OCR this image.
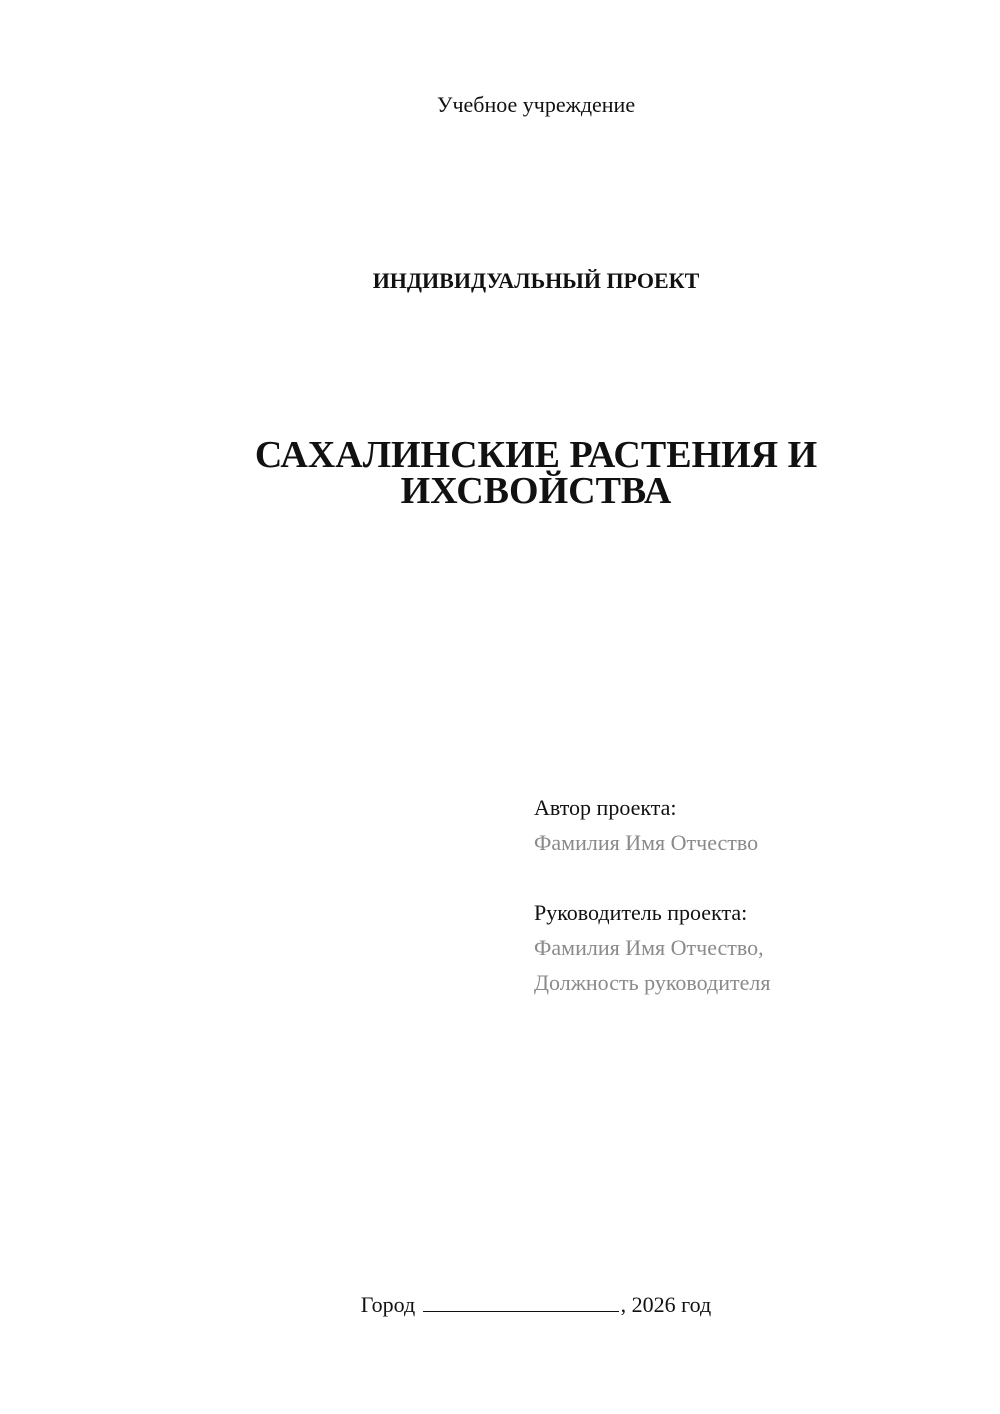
Учебное учреждение
ИНДИВИДУАЛЬНЫЙ ПРОЕКТ
САХАЛИНСКИЕ РАСТЕНИЯ И
ИХСВОЙСТВА
Автор проекта:
Фамилия Имя Отчество
Руководитель проекта:
Фамилия Имя Отчество,
Должность руководителя
Город	, 2026 год
